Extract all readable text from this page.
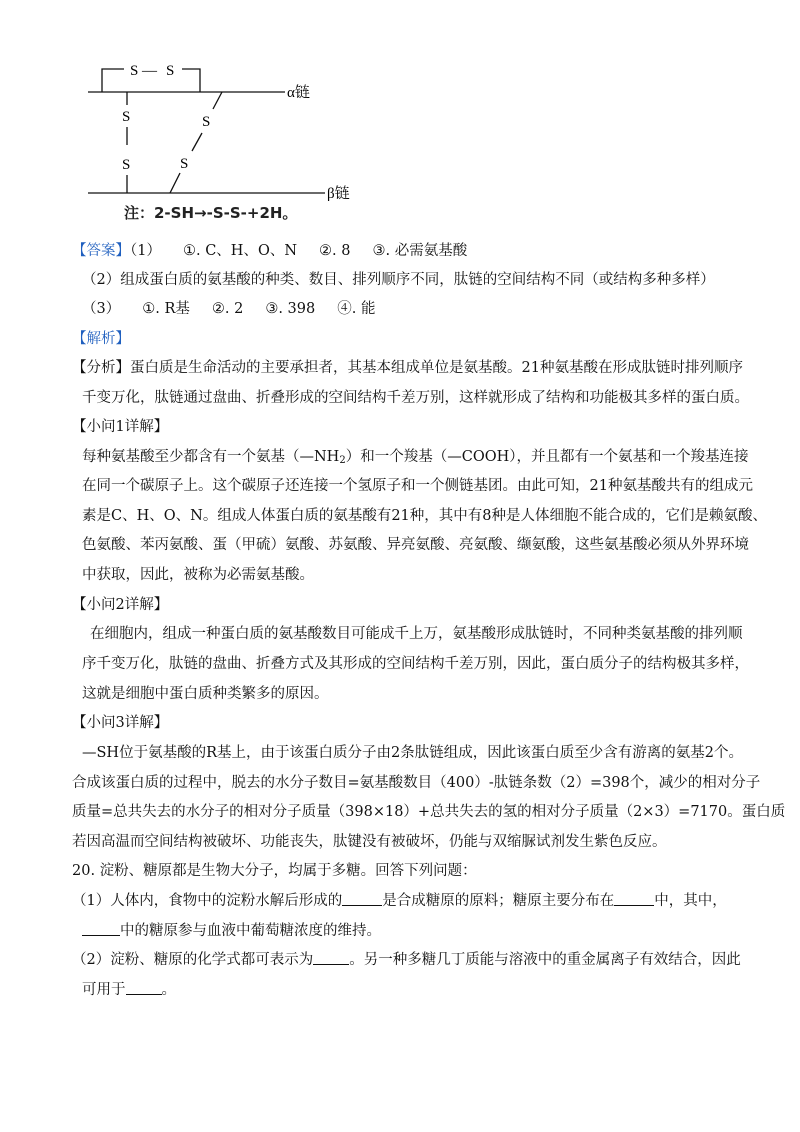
S — S
S
S
S
S
α链
β链
注：2-SH→-S-S-+2H。
【答案】（1） ①. C、H、O、N ②. 8 ③. 必需氨基酸
（2）组成蛋白质的氨基酸的种类、数目、排列顺序不同，肽链的空间结构不同（或结构多种多样）
（3） ①. R基 ②. 2 ③. 398 ④. 能
【解析】
【分析】蛋白质是生命活动的主要承担者，其基本组成单位是氨基酸。21种氨基酸在形成肽链时排列顺序
千变万化，肽链通过盘曲、折叠形成的空间结构千差万别，这样就形成了结构和功能极其多样的蛋白质。
【小问1详解】
每种氨基酸至少都含有一个氨基$(—NH_2)$和一个羧基（—COOH），并且都有一个氨基和一个羧基连接
在同一个碳原子上。这个碳原子还连接一个氢原子和一个侧链基团。由此可知，21种氨基酸共有的组成元
素是C、H、O、N。组成人体蛋白质的氨基酸有21种，其中有8种是人体细胞不能合成的，它们是赖氨酸、
色氨酸、苯丙氨酸、蛋（甲硫）氨酸、苏氨酸、异亮氨酸、亮氨酸、缬氨酸，这些氨基酸必须从外界环境
中获取，因此，被称为必需氨基酸。
【小问2详解】
在细胞内，组成一种蛋白质的氨基酸数目可能成千上万，氨基酸形成肽链时，不同种类氨基酸的排列顺
序千变万化，肽链的盘曲、折叠方式及其形成的空间结构千差万别，因此，蛋白质分子的结构极其多样，
这就是细胞中蛋白质种类繁多的原因。
【小问3详解】
—SH位于氨基酸的R基上，由于该蛋白质分子由2条肽链组成，因此该蛋白质至少含有游离的氨基2个。
合成该蛋白质的过程中，脱去的水分子数目=氨基酸数目（400）-肽链条数（2）=398个，减少的相对分子
质量=总共失去的水分子的相对分子质量（398×18）+总共失去的氢的相对分子质量（2×3）=7170。蛋白质
若因高温而空间结构被破坏、功能丧失，肽键没有被破坏，仍能与双缩脲试剂发生紫色反应。
20. 淀粉、糖原都是生物大分子，均属于多糖。回答下列问题：
（1）人体内，食物中的淀粉水解后形成的	是合成糖原的原料；糖原主要分布在	中，其中，
中的糖原参与血液中葡萄糖浓度的维持。
（2）淀粉、糖原的化学式都可表示为 。另一种多糖几丁质能与溶液中的重金属离子有效结合，因此
可用于 。
